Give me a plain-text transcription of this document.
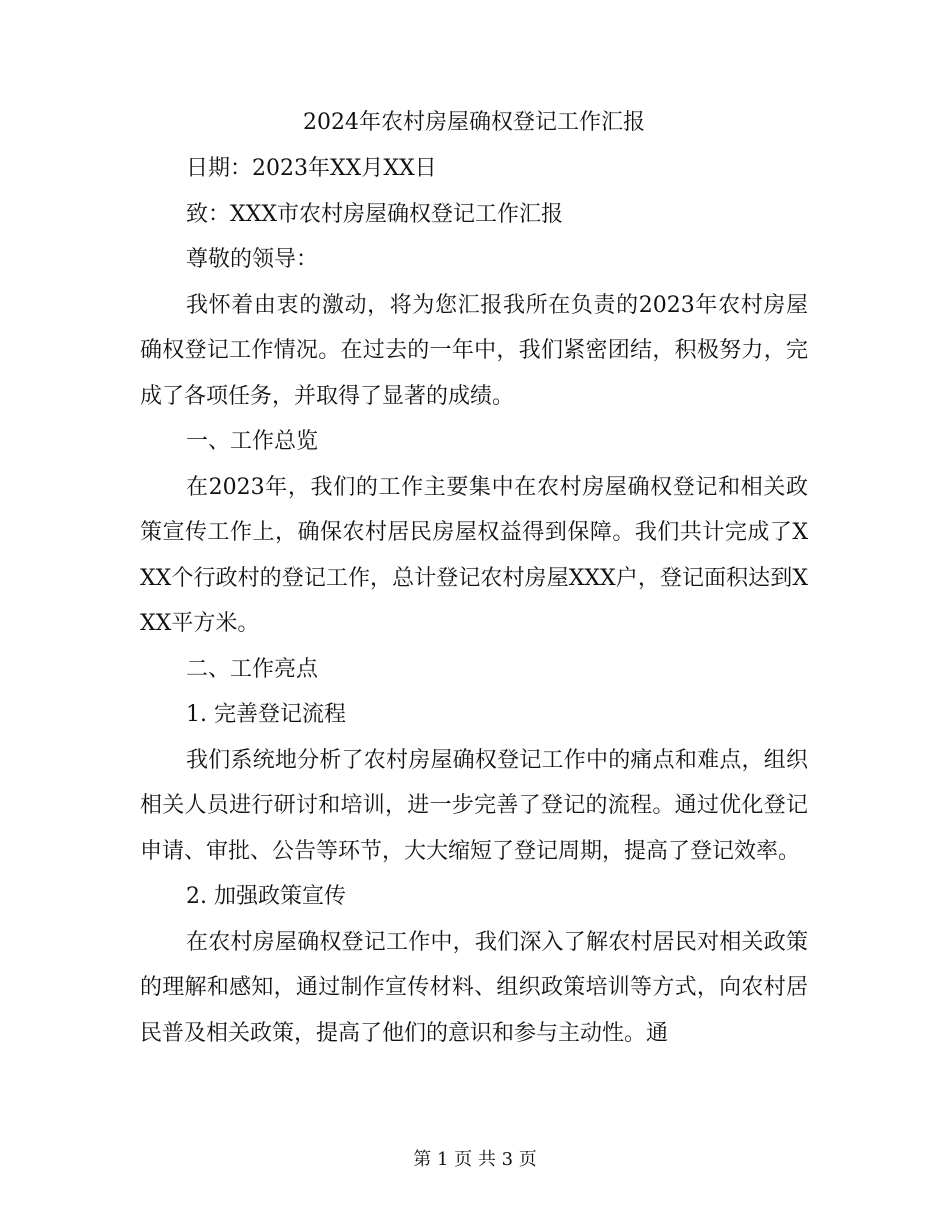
2024年农村房屋确权登记工作汇报

日期：2023年XX月XX日

致：XXX市农村房屋确权登记工作汇报

尊敬的领导：

我怀着由衷的激动，将为您汇报我所在负责的2023年农村房屋确权登记工作情况。在过去的一年中，我们紧密团结，积极努力，完成了各项任务，并取得了显著的成绩。

一、工作总览

在2023年，我们的工作主要集中在农村房屋确权登记和相关政策宣传工作上，确保农村居民房屋权益得到保障。我们共计完成了XXX个行政村的登记工作，总计登记农村房屋XXX户，登记面积达到XXX平方米。

二、工作亮点

1. 完善登记流程

我们系统地分析了农村房屋确权登记工作中的痛点和难点，组织相关人员进行研讨和培训，进一步完善了登记的流程。通过优化登记申请、审批、公告等环节，大大缩短了登记周期，提高了登记效率。

2. 加强政策宣传

在农村房屋确权登记工作中，我们深入了解农村居民对相关政策的理解和感知，通过制作宣传材料、组织政策培训等方式，向农村居民普及相关政策，提高了他们的意识和参与主动性。通

第 1 页 共 3 页
